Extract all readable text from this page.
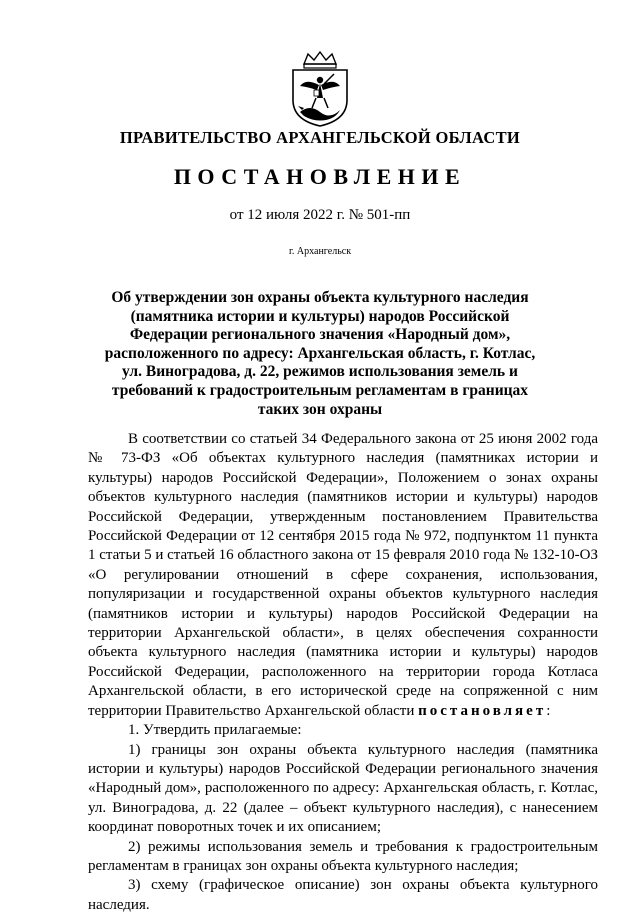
ПРАВИТЕЛЬСТВО АРХАНГЕЛЬСКОЙ ОБЛАСТИ
ПОСТАНОВЛЕНИЕ
от 12 июля 2022 г. № 501-пп
г. Архангельск
Об утверждении зон охраны объекта культурного наследия (памятника истории и культуры) народов Российской Федерации регионального значения «Народный дом», расположенного по адресу: Архангельская область, г. Котлас, ул. Виноградова, д. 22, режимов использования земель и требований к градостроительным регламентам в границах таких зон охраны

В соответствии со статьей 34 Федерального закона от 25 июня 2002 года № 73-ФЗ «Об объектах культурного наследия (памятниках истории и культуры) народов Российской Федерации», Положением о зонах охраны объектов культурного наследия (памятников истории и культуры) народов Российской Федерации, утвержденным постановлением Правительства Российской Федерации от 12 сентября 2015 года № 972, подпунктом 11 пункта 1 статьи 5 и статьей 16 областного закона от 15 февраля 2010 года № 132-10-ОЗ «О регулировании отношений в сфере сохранения, использования, популяризации и государственной охраны объектов культурного наследия (памятников истории и культуры) народов Российской Федерации на территории Архангельской области», в целях обеспечения сохранности объекта культурного наследия (памятника истории и культуры) народов Российской Федерации, расположенного на территории города Котласа Архангельской области, в его исторической среде на сопряженной с ним территории Правительство Архангельской области постановляет:

1. Утвердить прилагаемые:

1) границы зон охраны объекта культурного наследия (памятника истории и культуры) народов Российской Федерации регионального значения «Народный дом», расположенного по адресу: Архангельская область, г. Котлас, ул. Виноградова, д. 22 (далее – объект культурного наследия), с нанесением координат поворотных точек и их описанием;

2) режимы использования земель и требования к градостроительным регламентам в границах зон охраны объекта культурного наследия;

3) схему (графическое описание) зон охраны объекта культурного наследия.
